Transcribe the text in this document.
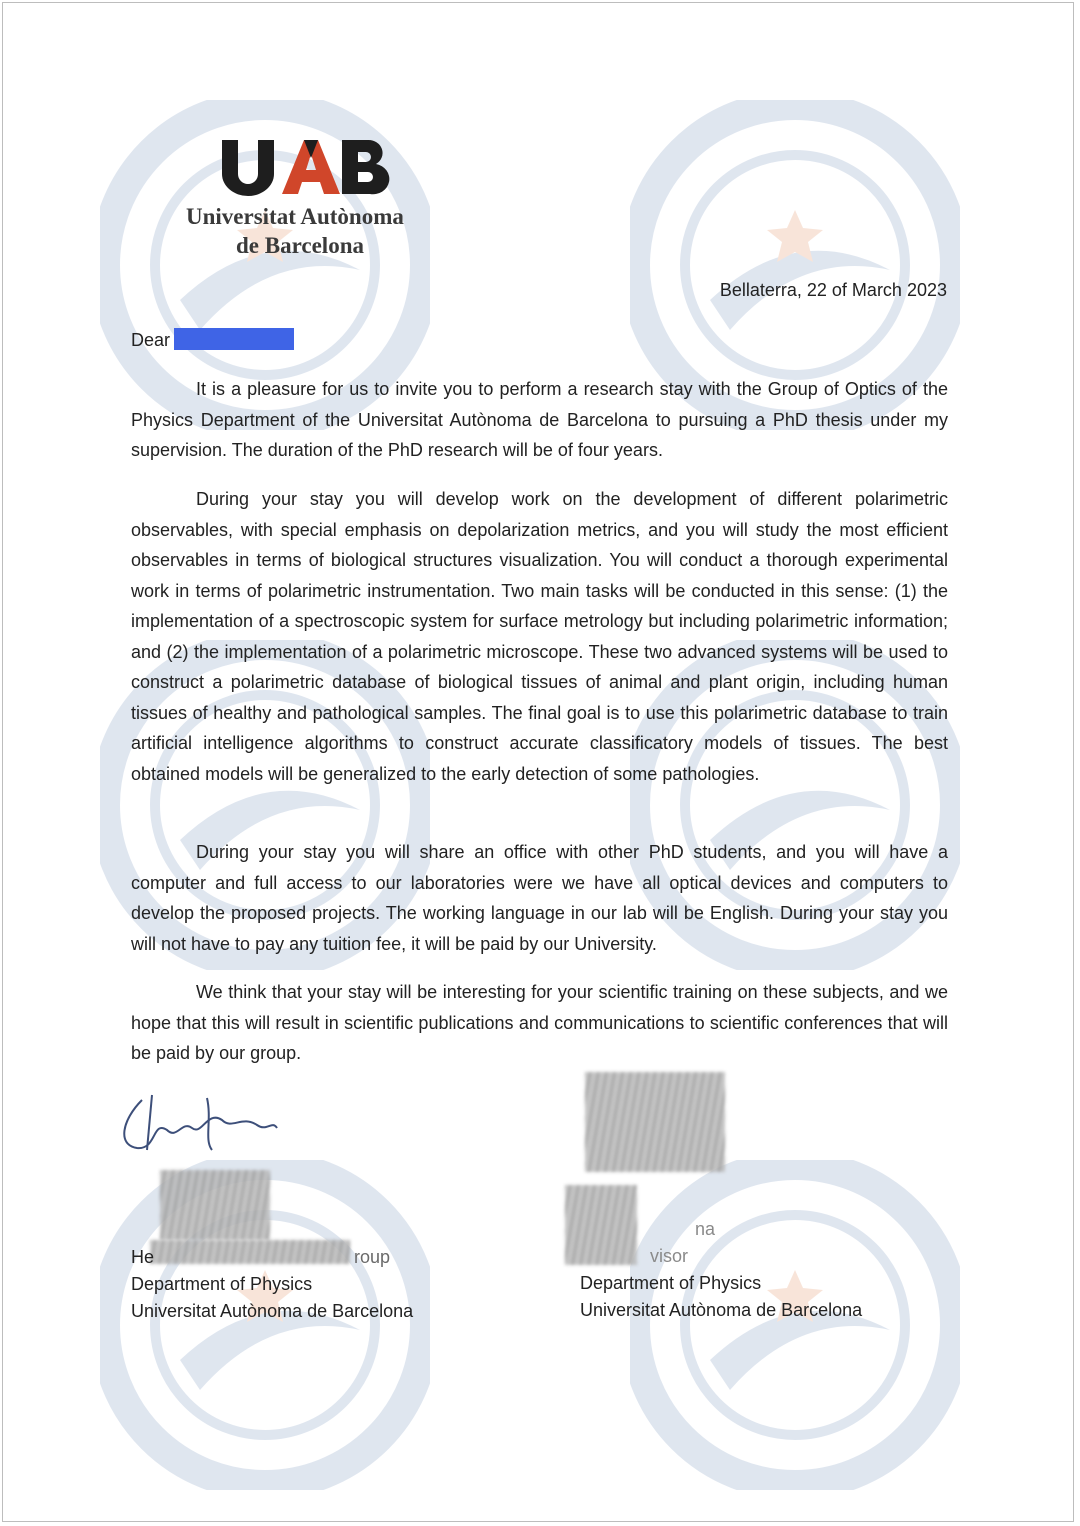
Universitat Autònoma
de Barcelona
Bellaterra, 22 of March 2023
Dear

It is a pleasure for us to invite you to perform a research stay with the Group of Optics of the Physics Department of the Universitat Autònoma de Barcelona to pursuing a PhD thesis under my supervision. The duration of the PhD research will be of four years.

During your stay you will develop work on the development of different polarimetric observables, with special emphasis on depolarization metrics, and you will study the most efficient observables in terms of biological structures visualization. You will conduct a thorough experimental work in terms of polarimetric instrumentation. Two main tasks will be conducted in this sense: (1) the implementation of a spectroscopic system for surface metrology but including polarimetric information; and (2) the implementation of a polarimetric microscope. These two advanced systems will be used to construct a polarimetric database of biological tissues of animal and plant origin, including human tissues of healthy and pathological samples. The final goal is to use this polarimetric database to train artificial intelligence algorithms to construct accurate classificatory models of tissues. The best obtained models will be generalized to the early detection of some pathologies.

During your stay you will share an office with other PhD students, and you will have a computer and full access to our laboratories were we have all optical devices and computers to develop the proposed projects. The working language in our lab will be English. During your stay you will not have to pay any tuition fee, it will be paid by our University.

We think that your stay will be interesting for your scientific training on these subjects, and we hope that this will result in scientific publications and communications to scientific conferences that will be paid by our group.

He	roup
Department of Physics
Universitat Autònoma de Barcelona
na
visor
Department of Physics
Universitat Autònoma de Barcelona
